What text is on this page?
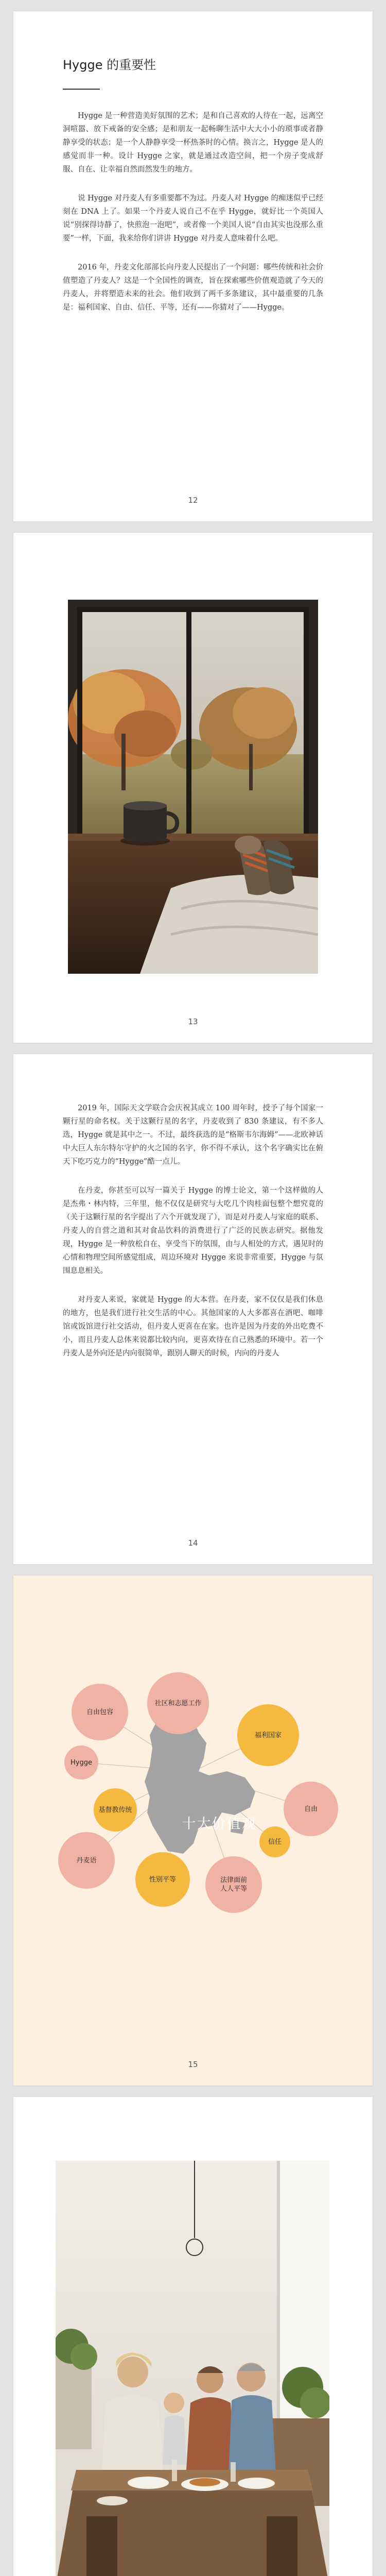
Hygge 的重要性

Hygge 是一种营造美好氛围的艺术；是和自己喜欢的人待在一起，远离空洞喧嚣、放下戒备的安全感；是和朋友一起畅聊生活中大大小小的琐事或者静静享受的状态；是一个人静静享受一杯热茶时的心情。换言之，Hygge 是人的感觉而非一种。设计 Hygge 之家，就是通过改造空间，把一个房子变成舒服、自在、让幸福自然而然发生的地方。

说 Hygge 对丹麦人有多重要都不为过。丹麦人对 Hygge 的痴迷似乎已经刻在 DNA 上了。如果一个丹麦人说自己不在乎 Hygge，就好比一个英国人说“别探得诗静了，快煎泡一泡吧”，或者像一个美国人说“自由其实也没那么重要”一样，下面，我来给你们讲讲 Hygge 对丹麦人意味着什么吧。

2016 年，丹麦文化部部长向丹麦人民提出了一个问题：哪些传统和社会价值塑造了丹麦人？这是一个全国性的调查，旨在探索哪些价值观造就了今天的丹麦人，并将塑造未来的社会。他们收到了两千多条建议，其中最重要的几条是：福利国家、自由、信任、平等，还有——你猜对了——Hygge。

12
13

2019 年，国际天文学联合会庆祝其成立 100 周年时，授予了每个国家一颗行星的命名权。关于这颗行星的名字，丹麦收到了 830 条建议，有不多人选，Hygge 就是其中之一。不过，最终获选的是“格斯韦尔海姆”——北欧神话中大巨人东尔特尔守护的火之国的名字，你不得不承认，这个名字确实比在俯天下吃巧克力的“Hygge”酷一点儿。

在丹麦，你甚至可以写一篇关于 Hygge 的博士论文，第一个这样做的人是杰弗・林内特，三年里，他不仅仅是研究与大吃几个肉桂面包整个想究竟的（关于这颗行星的名字提出了六个开就发现了），而是对丹麦人与家庭的联系、丹麦人的自营之道和其对食品饮料的消费进行了广泛的民族志研究。据他发现，Hygge 是一种放松自在、享受当下的氛围，由与人相处的方式，遇见时的心情和物理空间所感觉组成，周边环境对 Hygge 来说非常重要，Hygge 与氛围息息相关。

对丹麦人来说，家就是 Hygge 的大本营。在丹麦，家不仅仅是我们休息的地方，也是我们进行社交生活的中心。其他国家的人大多都喜在酒吧、咖啡馆或饭馆进行社交活动，但丹麦人更喜在在家。也许是因为丹麦的外出吃费不小，而且丹麦人总体来说都比较内向，更喜欢待在自己熟悉的环境中。若一个丹麦人是外向还是内向很简单，跟别人聊天的时候，内向的丹麦人

14
自由包容
社区和志愿工作
福利国家
Hygge
基督教传统	自由
信任
丹麦语
性别平等	法律面前人人平等
十大价值观
15
